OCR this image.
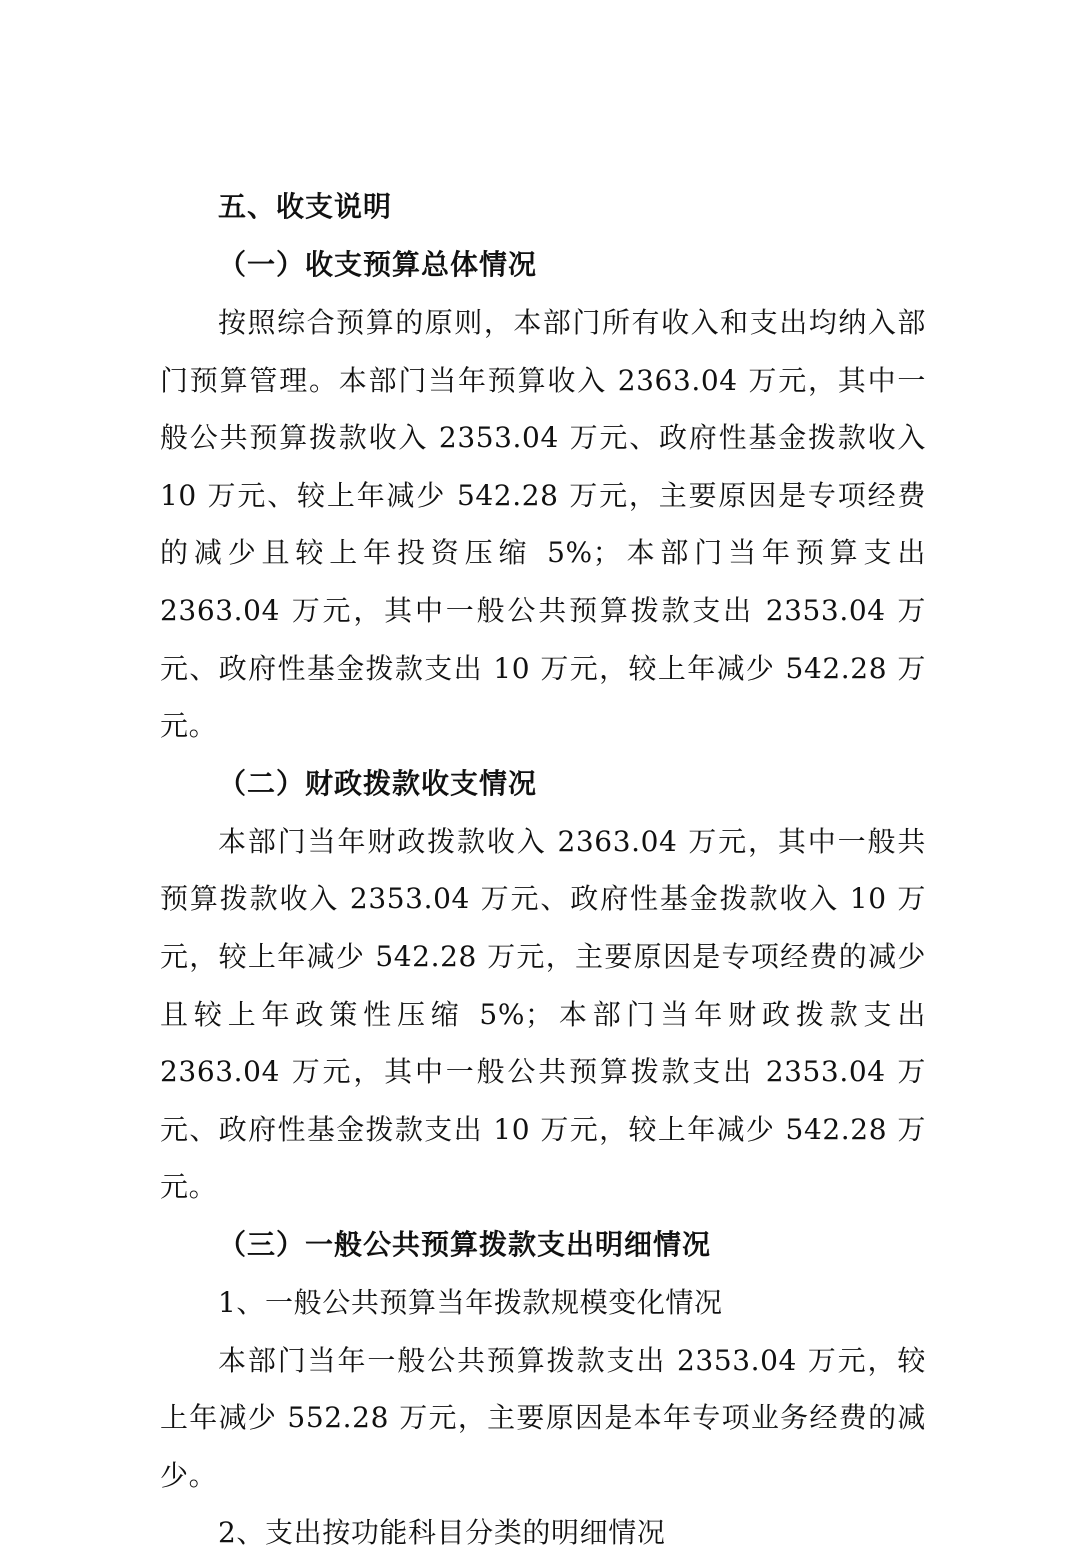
五、收支说明

（一）收支预算总体情况

按照综合预算的原则，本部门所有收入和支出均纳入部门预算管理。本部门当年预算收入 2363.04 万元，其中一般公共预算拨款收入 2353.04 万元、政府性基金拨款收入 10 万元、较上年减少 542.28 万元，主要原因是专项经费的减少且较上年投资压缩 5%；本部门当年预算支出 2363.04 万元，其中一般公共预算拨款支出 2353.04 万元、政府性基金拨款支出 10 万元，较上年减少 542.28 万元。

（二）财政拨款收支情况

本部门当年财政拨款收入 2363.04 万元，其中一般共预算拨款收入 2353.04 万元、政府性基金拨款收入 10 万元，较上年减少 542.28 万元，主要原因是专项经费的减少且较上年政策性压缩 5%；本部门当年财政拨款支出 2363.04 万元，其中一般公共预算拨款支出 2353.04 万元、政府性基金拨款支出 10 万元，较上年减少 542.28 万元。

（三）一般公共预算拨款支出明细情况

1、一般公共预算当年拨款规模变化情况

本部门当年一般公共预算拨款支出 2353.04 万元，较上年减少 552.28 万元，主要原因是本年专项业务经费的减少。

2、支出按功能科目分类的明细情况
